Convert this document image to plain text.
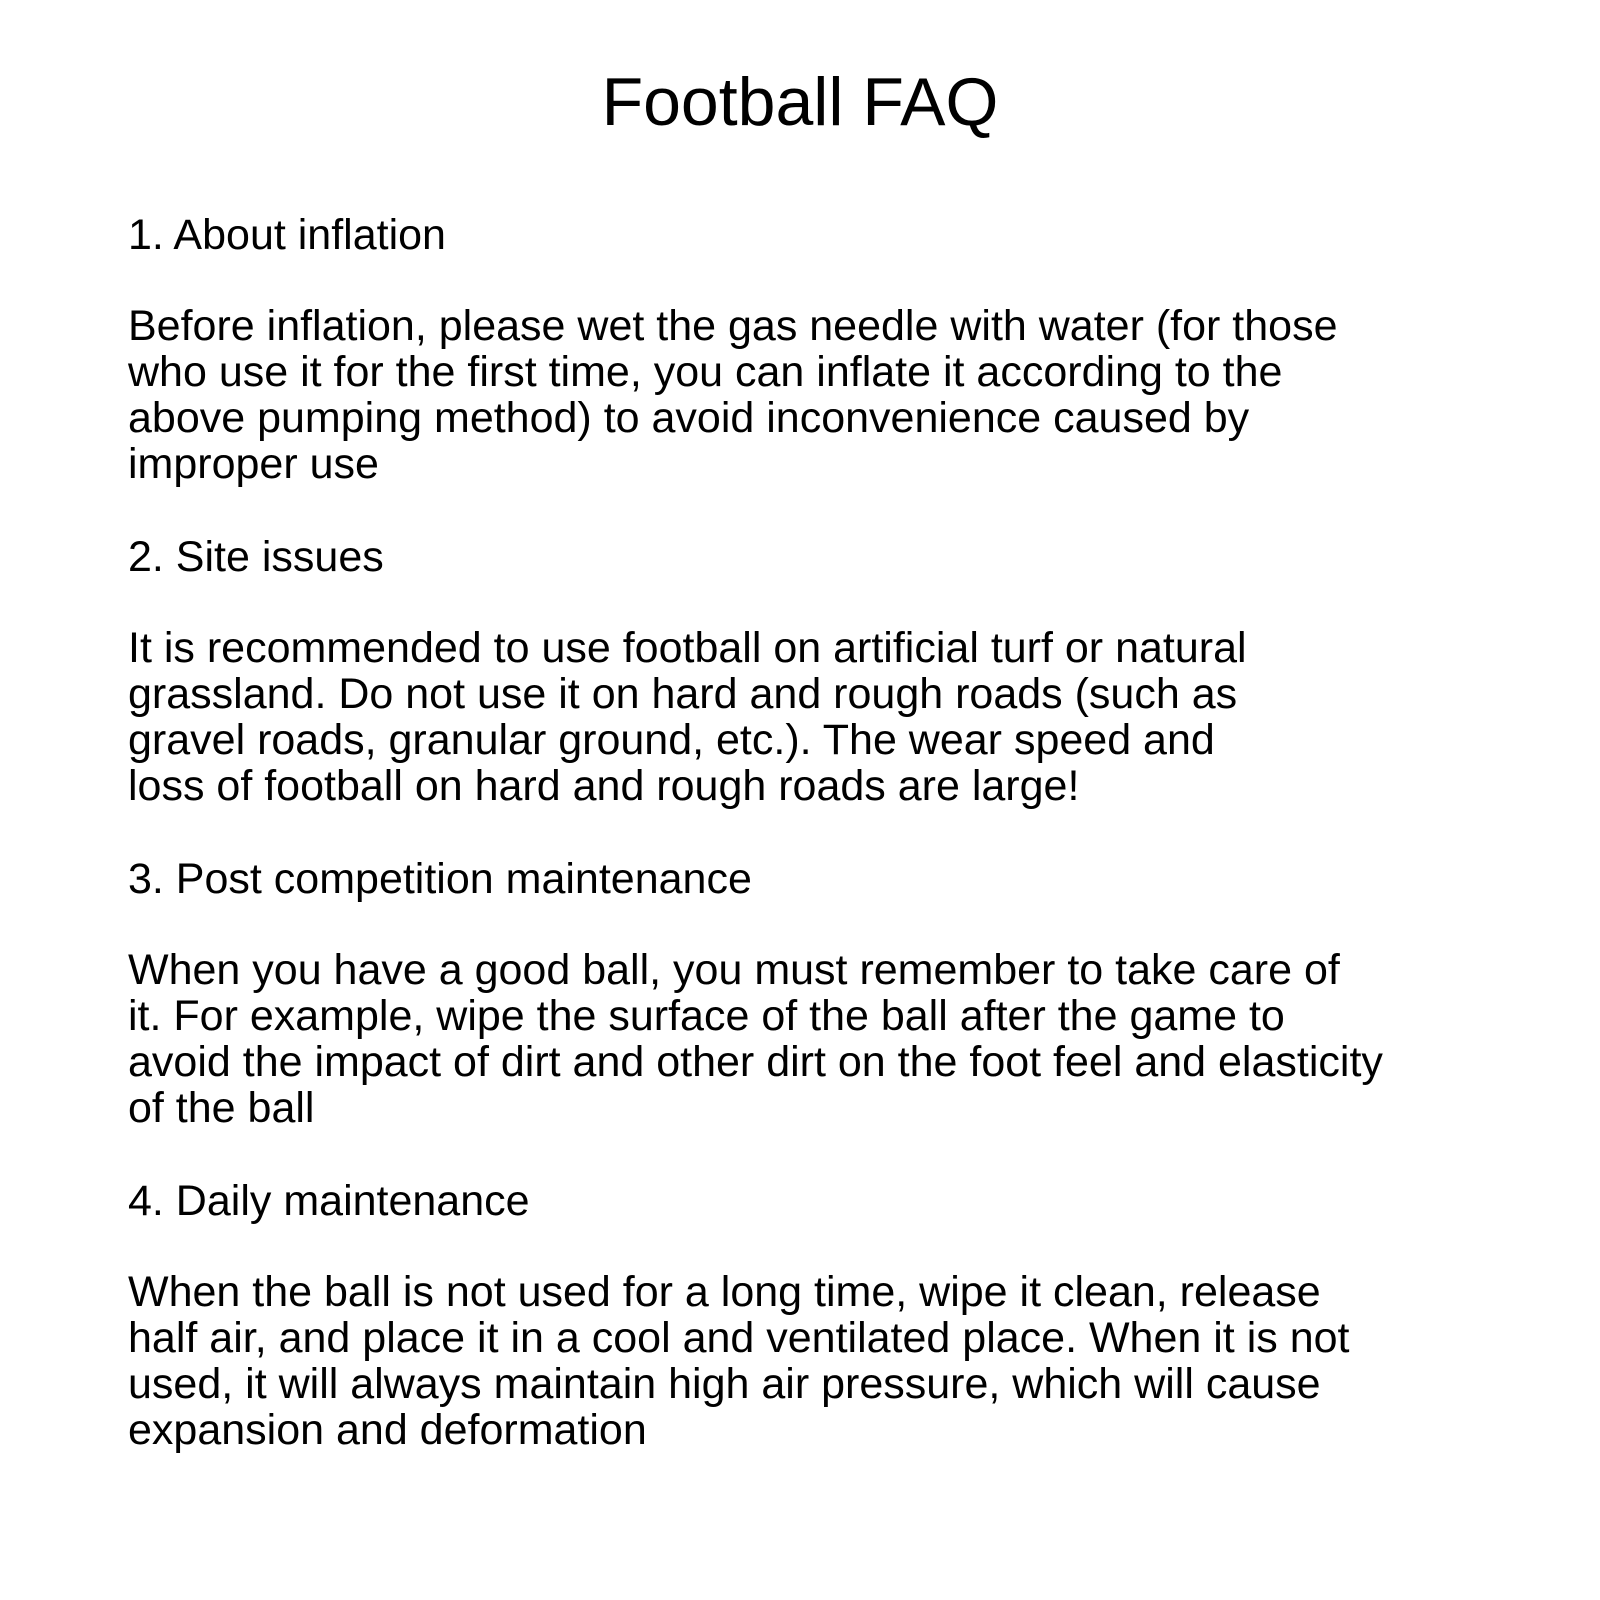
Football FAQ
1. About inflation

Before inflation, please wet the gas needle with water (for those
who use it for the first time, you can inflate it according to the
above pumping method) to avoid inconvenience caused by
improper use

2. Site issues

It is recommended to use football on artificial turf or natural
grassland. Do not use it on hard and rough roads (such as
gravel roads, granular ground, etc.). The wear speed and
loss of football on hard and rough roads are large!

3. Post competition maintenance

When you have a good ball, you must remember to take care of
it. For example, wipe the surface of the ball after the game to
avoid the impact of dirt and other dirt on the foot feel and elasticity
of the ball

4. Daily maintenance

When the ball is not used for a long time, wipe it clean, release
half air, and place it in a cool and ventilated place. When it is not
used, it will always maintain high air pressure, which will cause
expansion and deformation
